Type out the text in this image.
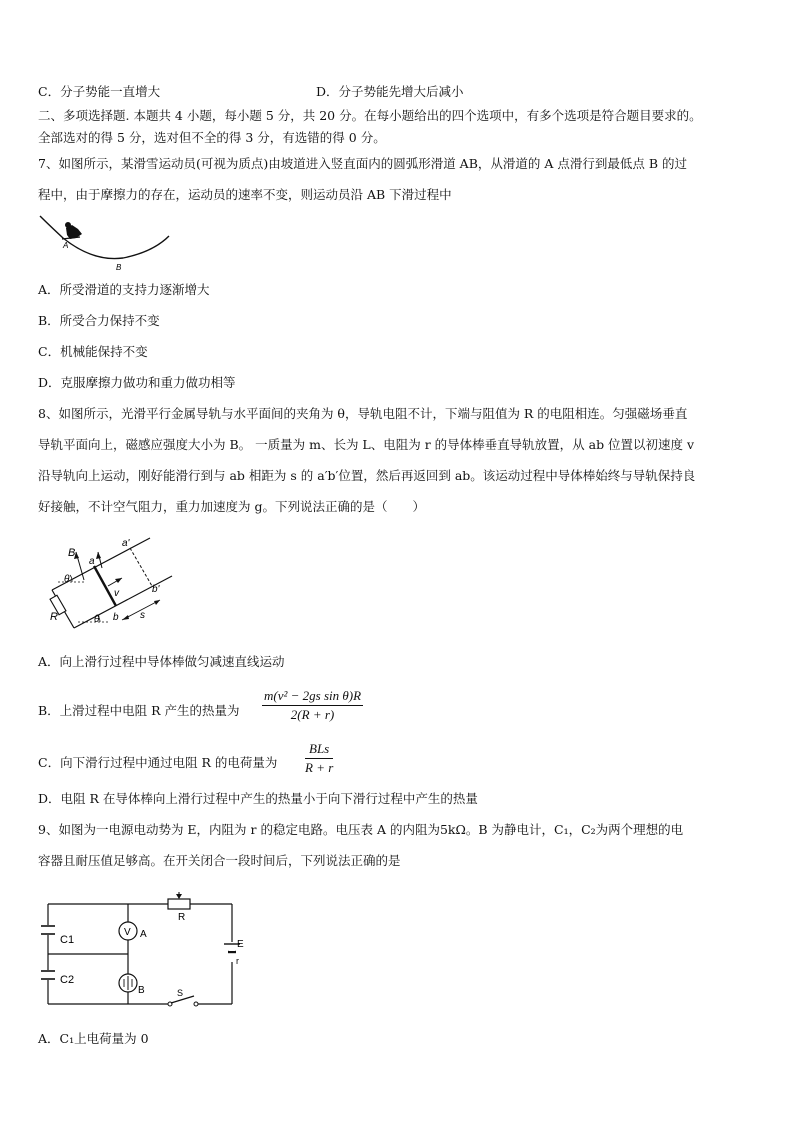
C．分子势能一直增大	D．分子势能先增大后减小
二、多项选择题. 本题共 4 小题，每小题 5 分，共 20 分。在每小题给出的四个选项中，有多个选项是符合题目要求的。
全部选对的得 5 分，选对但不全的得 3 分，有选错的得 0 分。
7、如图所示，某滑雪运动员(可视为质点)由坡道进入竖直面内的圆弧形滑道 AB，从滑道的 A 点滑行到最低点 B 的过
程中，由于摩擦力的存在，运动员的速率不变，则运动员沿 AB 下滑过程中
A
B
A．所受滑道的支持力逐渐增大
B．所受合力保持不变
C．机械能保持不变
D．克服摩擦力做功和重力做功相等
8、如图所示，光滑平行金属导轨与水平面间的夹角为 θ，导轨电阻不计，下端与阻值为 R 的电阻相连。匀强磁场垂直
导轨平面向上，磁感应强度大小为 B。 一质量为 m、长为 L、电阻为 r 的导体棒垂直导轨放置，从 ab 位置以初速度 v
沿导轨向上运动，刚好能滑行到与 ab 相距为 s 的 a′b′位置，然后再返回到 ab。该运动过程中导体棒始终与导轨保持良
好接触，不计空气阻力，重力加速度为 g。下列说法正确的是（　　）
B
a
a'
b
b'
v
θ
θ
R	s
A．向上滑行过程中导体棒做匀减速直线运动
B．上滑过程中电阻 R 产生的热量为
m(v² − 2gs sin θ)R
2(R + r)
C．向下滑行过程中通过电阻 R 的电荷量为
BLs
R + r
D．电阻 R 在导体棒向上滑行过程中产生的热量小于向下滑行过程中产生的热量
9、如图为一电源电动势为 E，内阻为 r 的稳定电路。电压表 A 的内阻为5kΩ。B 为静电计，C₁，C₂为两个理想的电
容器且耐压值足够高。在开关闭合一段时间后，下列说法正确的是
V
C1
C2
A
B
R
E
r
S
A．C₁上电荷量为 0
